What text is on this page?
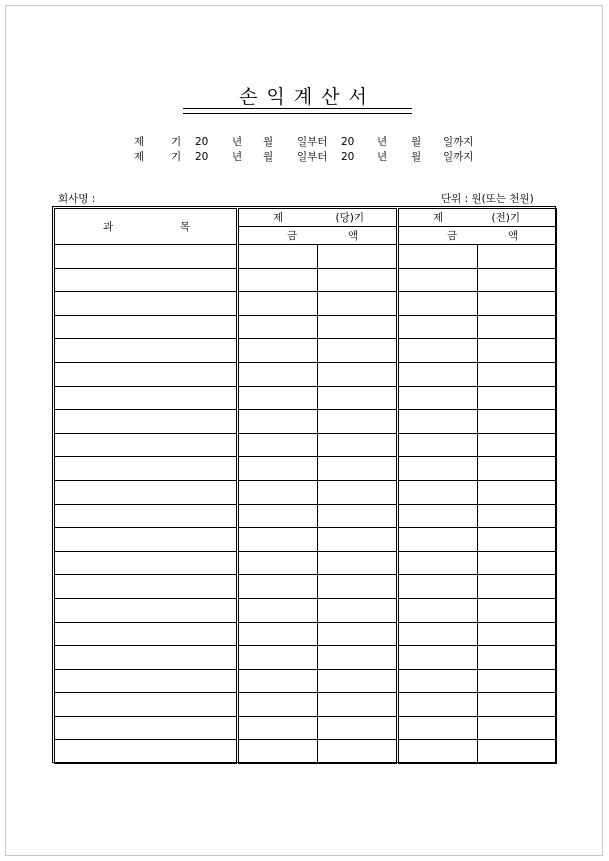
손익계산서
제	기 20 년 월 일부터 20 년 월 일까지
제	기 20 년 월 일부터 20 년 월 일까지
회사명 :	단위 : 원(또는 천원)
과 목		제 (당)기			제 (전)기	

		금 액			금 액	
